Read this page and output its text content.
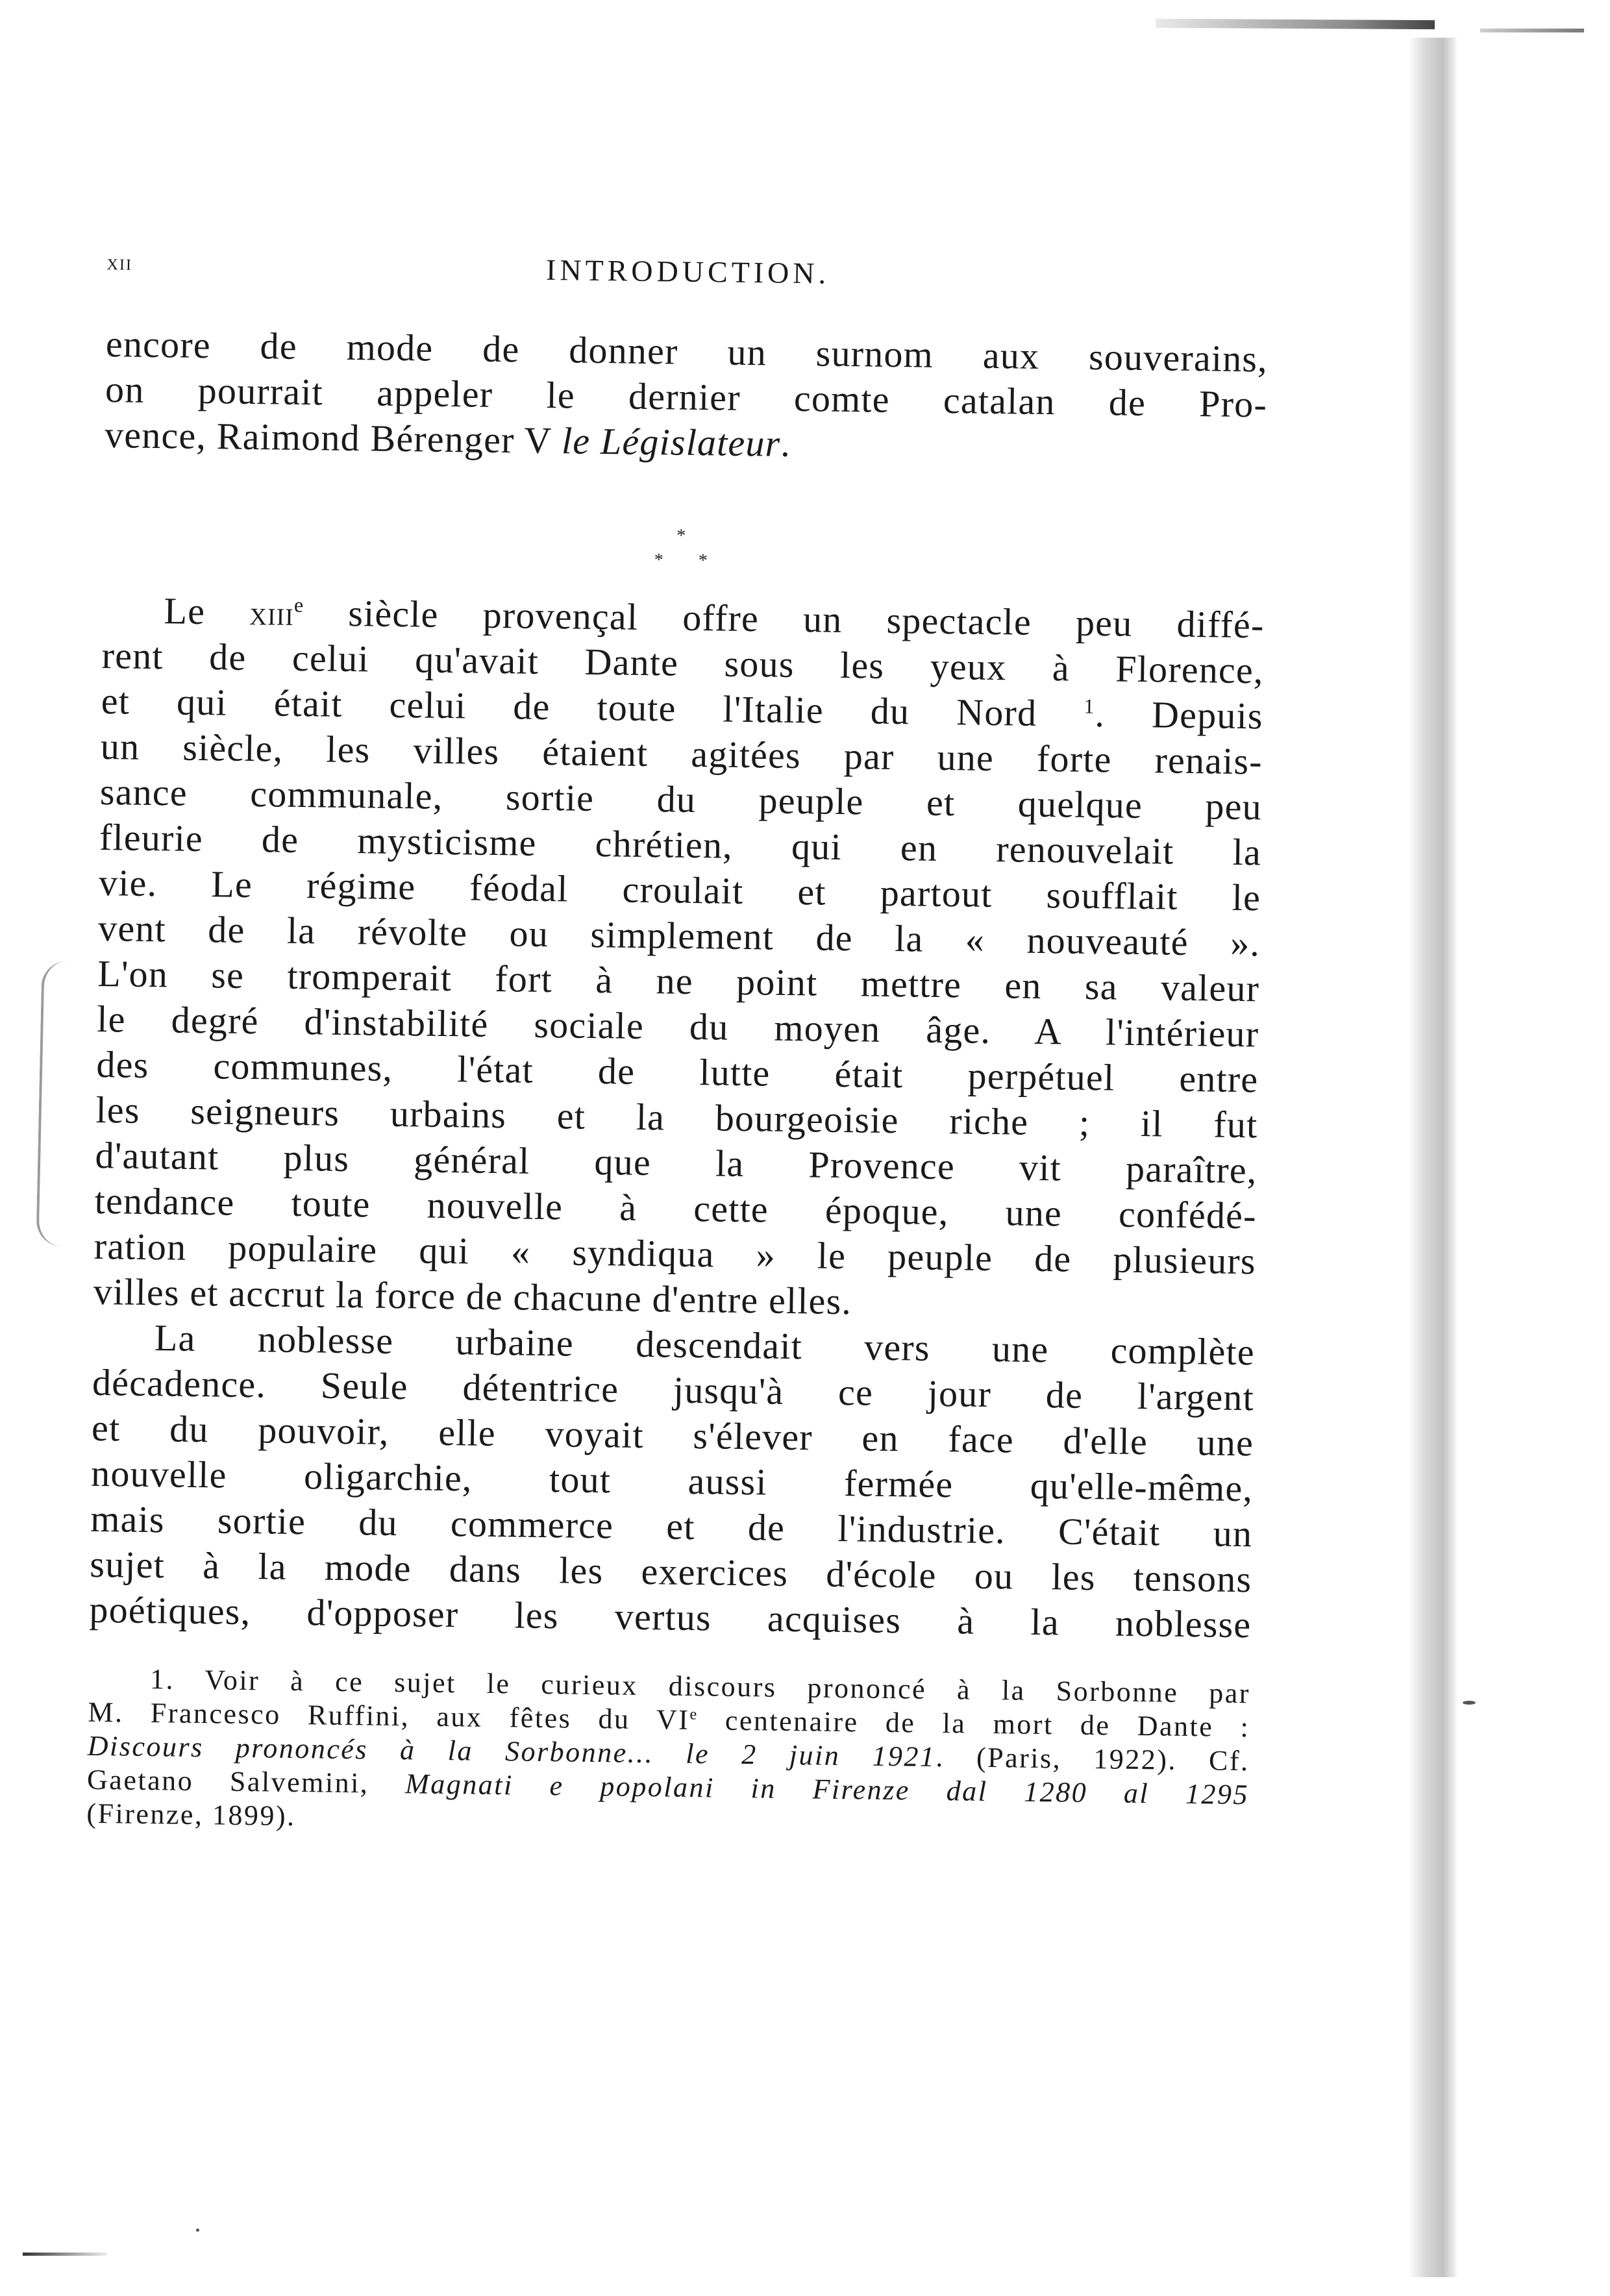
xii	INTRODUCTION.
encore de mode de donner un surnom aux souverains,
on pourrait appeler le dernier comte catalan de Pro-
vence, Raimond Bérenger V le Législateur.
*
* *
Le xiii$^e$ siècle provençal offre un spectacle peu diffé-
rent de celui qu'avait Dante sous les yeux à Florence,
et qui était celui de toute l'Italie du Nord $^1$. Depuis
un siècle, les villes étaient agitées par une forte renais-
sance communale, sortie du peuple et quelque peu
fleurie de mysticisme chrétien, qui en renouvelait la
vie. Le régime féodal croulait et partout soufflait le
vent de la révolte ou simplement de la « nouveauté ».
L'on se tromperait fort à ne point mettre en sa valeur
le degré d'instabilité sociale du moyen âge. A l'intérieur
des communes, l'état de lutte était perpétuel entre
les seigneurs urbains et la bourgeoisie riche ; il fut
d'autant plus général que la Provence vit paraître,
tendance toute nouvelle à cette époque, une confédé-
ration populaire qui « syndiqua » le peuple de plusieurs
villes et accrut la force de chacune d'entre elles.
La noblesse urbaine descendait vers une complète
décadence. Seule détentrice jusqu'à ce jour de l'argent
et du pouvoir, elle voyait s'élever en face d'elle une
nouvelle oligarchie, tout aussi fermée qu'elle-même,
mais sortie du commerce et de l'industrie. C'était un
sujet à la mode dans les exercices d'école ou les tensons
poétiques, d'opposer les vertus acquises à la noblesse
1. Voir à ce sujet le curieux discours prononcé à la Sorbonne par
M. Francesco Ruffini, aux fêtes du VIe centenaire de la mort de Dante :
Discours prononcés à la Sorbonne... le 2 juin 1921. (Paris, 1922). Cf.
Gaetano Salvemini, Magnati e popolani in Firenze dal 1280 al 1295
(Firenze, 1899).
